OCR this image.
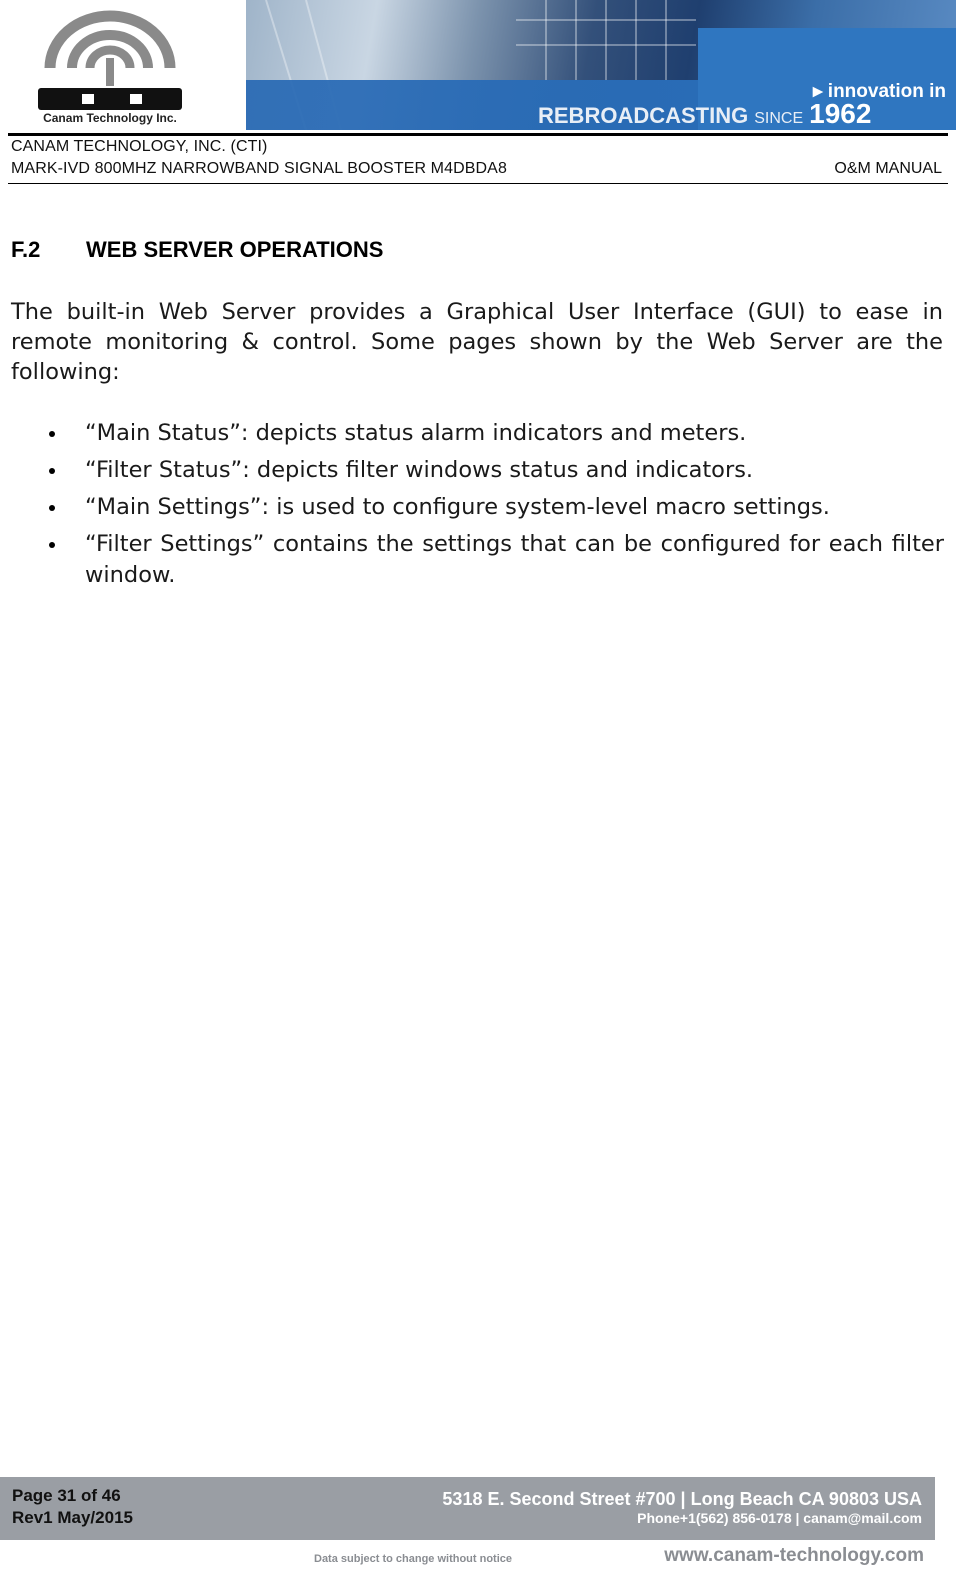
Canam Technology Inc.
▸ innovation in
REBROADCASTING SINCE 1962
CANAM TECHNOLOGY, INC. (CTI)
MARK-IVD 800MHZ NARROWBAND SIGNAL BOOSTER M4DBDA8	O&M MANUAL
F.2 WEB SERVER OPERATIONS
The built-in Web Server provides a Graphical User Interface (GUI) to ease in remote monitoring & control. Some pages shown by the Web Server are the following:
“Main Status”: depicts status alarm indicators and meters.
“Filter Status”: depicts filter windows status and indicators.
“Main Settings”: is used to configure system-level macro settings.
“Filter Settings” contains the settings that can be configured for each filter window.
Page 31 of 46
Rev1 May/2015
5318 E. Second Street #700 | Long Beach CA 90803 USA
Phone+1(562) 856-0178 | canam@mail.com
Data subject to change without notice	www.canam-technology.com
